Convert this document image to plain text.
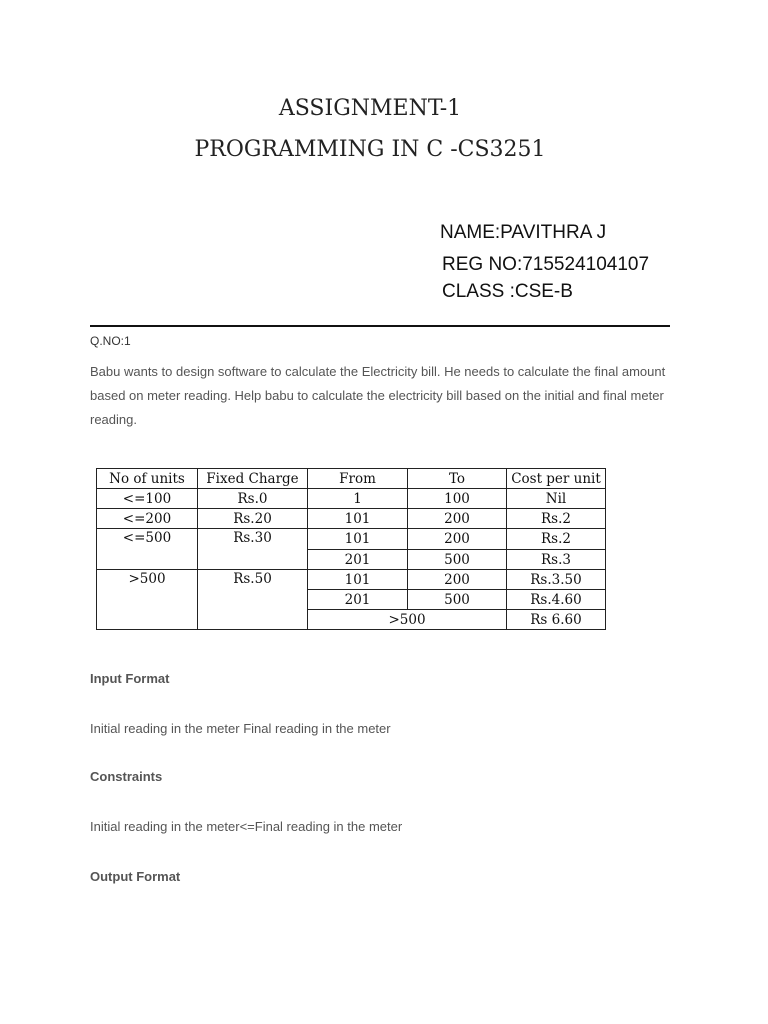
ASSIGNMENT-1
PROGRAMMING IN C -CS3251
NAME:PAVITHRA J
REG NO:715524104107
CLASS :CSE-B
Q.NO:1
Babu wants to design software to calculate the Electricity bill. He needs to calculate the final amount based on meter reading. Help babu to calculate the electricity bill based on the initial and final meter reading.
No of units	Fixed Charge	From	To	Cost per unit
<=100	Rs.0	1	100	Nil
<=200	Rs.20	101	200	Rs.2
<=500	Rs.30	101	200	Rs.2
		201	500	Rs.3
>500	Rs.50	101	200	Rs.3.50
		201	500	Rs.4.60
		>500		Rs 6.60
Input Format
Initial reading in the meter Final reading in the meter
Constraints
Initial reading in the meter<=Final reading in the meter
Output Format
